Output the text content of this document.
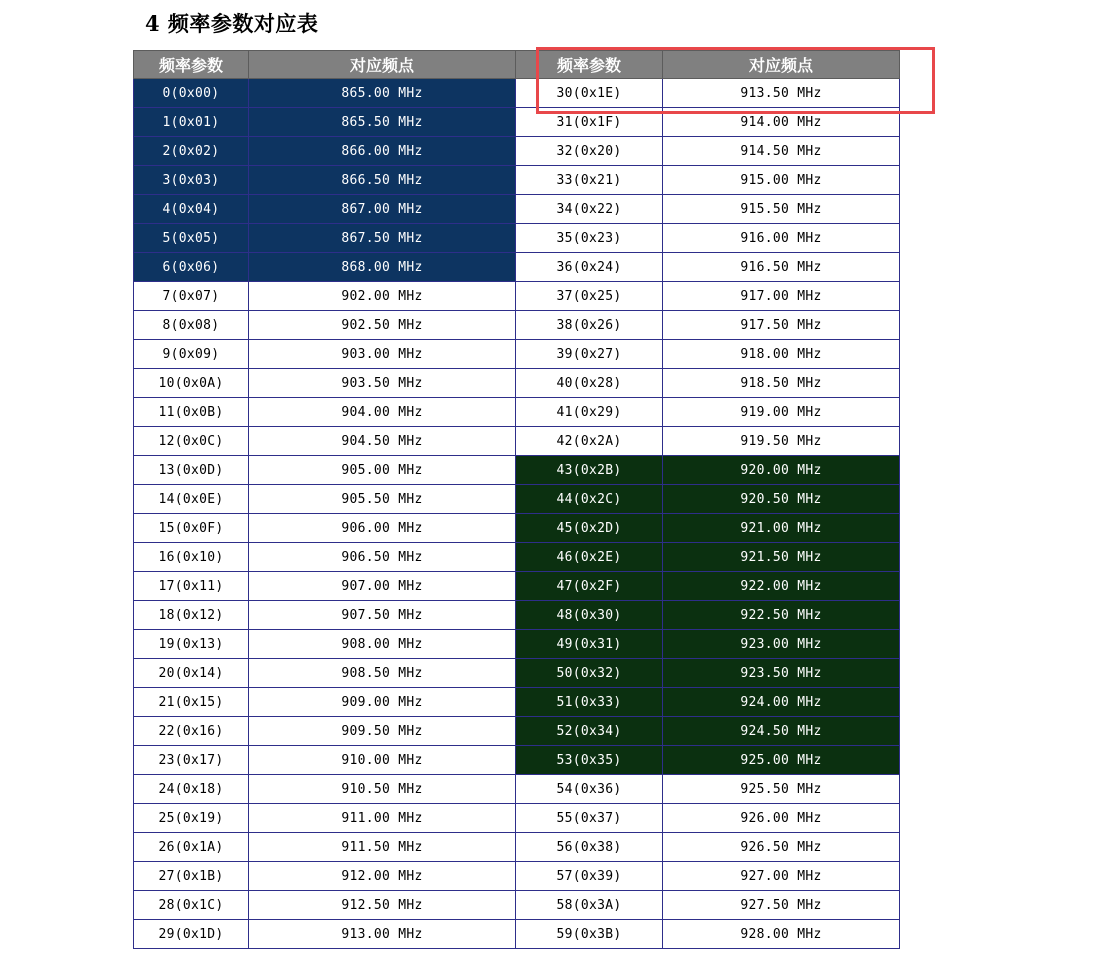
4 频率参数对应表
频率参数	对应频点	频率参数	对应频点
0(0x00)	865.00 MHz	30(0x1E)	913.50 MHz
1(0x01)	865.50 MHz	31(0x1F)	914.00 MHz
2(0x02)	866.00 MHz	32(0x20)	914.50 MHz
3(0x03)	866.50 MHz	33(0x21)	915.00 MHz
4(0x04)	867.00 MHz	34(0x22)	915.50 MHz
5(0x05)	867.50 MHz	35(0x23)	916.00 MHz
6(0x06)	868.00 MHz	36(0x24)	916.50 MHz
7(0x07)	902.00 MHz	37(0x25)	917.00 MHz
8(0x08)	902.50 MHz	38(0x26)	917.50 MHz
9(0x09)	903.00 MHz	39(0x27)	918.00 MHz
10(0x0A)	903.50 MHz	40(0x28)	918.50 MHz
11(0x0B)	904.00 MHz	41(0x29)	919.00 MHz
12(0x0C)	904.50 MHz	42(0x2A)	919.50 MHz
13(0x0D)	905.00 MHz	43(0x2B)	920.00 MHz
14(0x0E)	905.50 MHz	44(0x2C)	920.50 MHz
15(0x0F)	906.00 MHz	45(0x2D)	921.00 MHz
16(0x10)	906.50 MHz	46(0x2E)	921.50 MHz
17(0x11)	907.00 MHz	47(0x2F)	922.00 MHz
18(0x12)	907.50 MHz	48(0x30)	922.50 MHz
19(0x13)	908.00 MHz	49(0x31)	923.00 MHz
20(0x14)	908.50 MHz	50(0x32)	923.50 MHz
21(0x15)	909.00 MHz	51(0x33)	924.00 MHz
22(0x16)	909.50 MHz	52(0x34)	924.50 MHz
23(0x17)	910.00 MHz	53(0x35)	925.00 MHz
24(0x18)	910.50 MHz	54(0x36)	925.50 MHz
25(0x19)	911.00 MHz	55(0x37)	926.00 MHz
26(0x1A)	911.50 MHz	56(0x38)	926.50 MHz
27(0x1B)	912.00 MHz	57(0x39)	927.00 MHz
28(0x1C)	912.50 MHz	58(0x3A)	927.50 MHz
29(0x1D)	913.00 MHz	59(0x3B)	928.00 MHz
